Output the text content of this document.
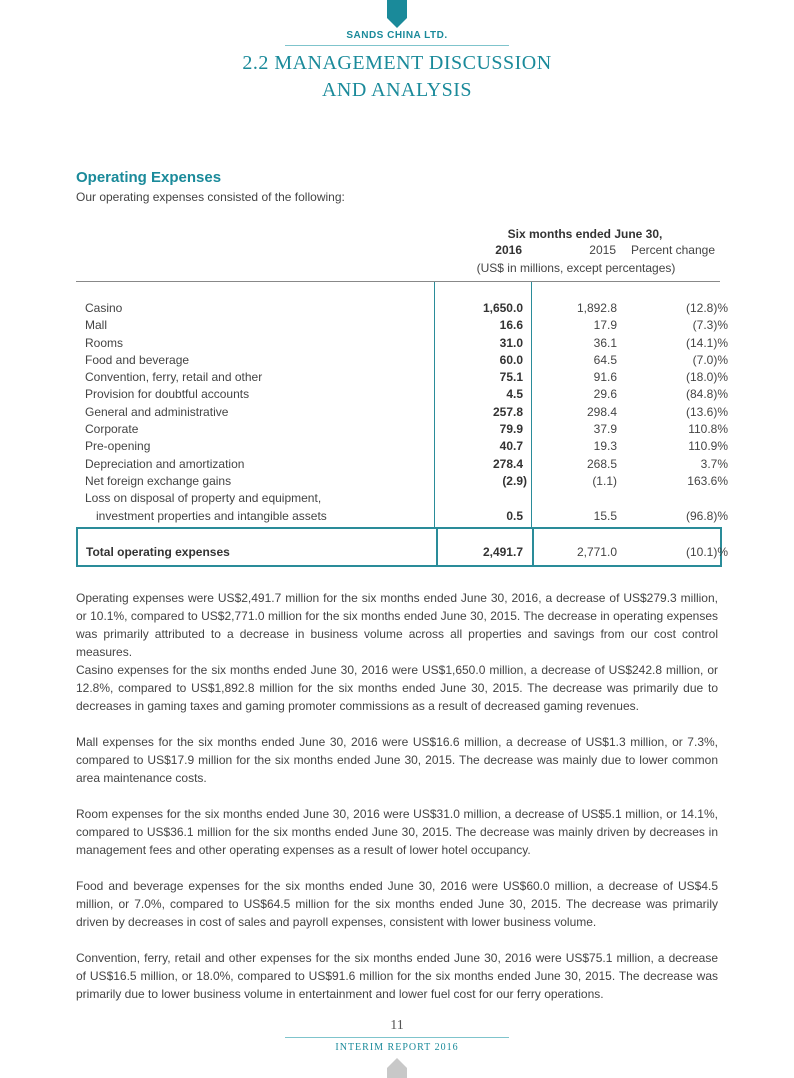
SANDS CHINA LTD.
2.2 MANAGEMENT DISCUSSION
AND ANALYSIS
Operating Expenses
Our operating expenses consisted of the following:
Six months ended June 30,
2016	2015	Percent change
(US$ in millions, except percentages)
Casino	1,650.0	1,892.8	(12.8)%
Mall	16.6	17.9	(7.3)%
Rooms	31.0	36.1	(14.1)%
Food and beverage	60.0	64.5	(7.0)%
Convention, ferry, retail and other	75.1	91.6	(18.0)%
Provision for doubtful accounts	4.5	29.6	(84.8)%
General and administrative	257.8	298.4	(13.6)%
Corporate	79.9	37.9	110.8%
Pre-opening	40.7	19.3	110.9%
Depreciation and amortization	278.4	268.5	3.7%
Net foreign exchange gains	(2.9)	(1.1)	163.6%
Loss on disposal of property and equipment,
investment properties and intangible assets	0.5	15.5	(96.8)%
Total operating expenses	2,491.7	2,771.0	(10.1)%
Operating expenses were US$2,491.7 million for the six months ended June 30, 2016, a decrease of US$279.3 million, or 10.1%, compared to US$2,771.0 million for the six months ended June 30, 2015. The decrease in operating expenses was primarily attributed to a decrease in business volume across all properties and savings from our cost control measures.
Casino expenses for the six months ended June 30, 2016 were US$1,650.0 million, a decrease of US$242.8 million, or 12.8%, compared to US$1,892.8 million for the six months ended June 30, 2015. The decrease was primarily due to decreases in gaming taxes and gaming promoter commissions as a result of decreased gaming revenues.
Mall expenses for the six months ended June 30, 2016 were US$16.6 million, a decrease of US$1.3 million, or 7.3%, compared to US$17.9 million for the six months ended June 30, 2015. The decrease was mainly due to lower common area maintenance costs.
Room expenses for the six months ended June 30, 2016 were US$31.0 million, a decrease of US$5.1 million, or 14.1%, compared to US$36.1 million for the six months ended June 30, 2015. The decrease was mainly driven by decreases in management fees and other operating expenses as a result of lower hotel occupancy.
Food and beverage expenses for the six months ended June 30, 2016 were US$60.0 million, a decrease of US$4.5 million, or 7.0%, compared to US$64.5 million for the six months ended June 30, 2015. The decrease was primarily driven by decreases in cost of sales and payroll expenses, consistent with lower business volume.
Convention, ferry, retail and other expenses for the six months ended June 30, 2016 were US$75.1 million, a decrease of US$16.5 million, or 18.0%, compared to US$91.6 million for the six months ended June 30, 2015. The decrease was primarily due to lower business volume in entertainment and lower fuel cost for our ferry operations.
11
INTERIM REPORT 2016
